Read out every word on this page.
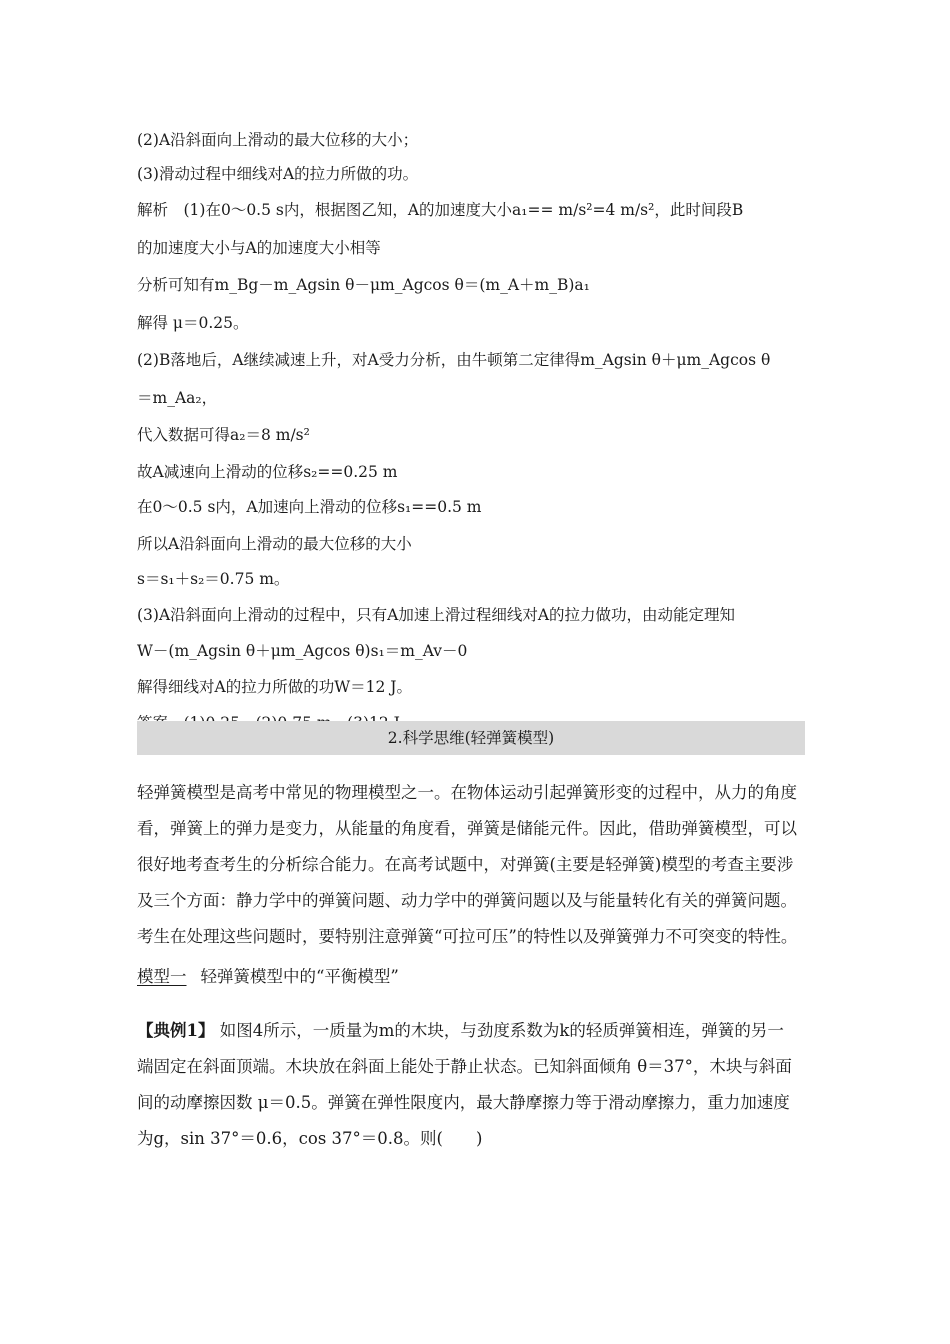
(2)A沿斜面向上滑动的最大位移的大小；
(3)滑动过程中细线对A的拉力所做的功。
解析　(1)在0～0.5 s内，根据图乙知，A的加速度大小a₁== m/s²=4 m/s²，此时间段B
的加速度大小与A的加速度大小相等
分析可知有m_Bg－m_Agsin θ－μm_Agcos θ＝(m_A＋m_B)a₁
解得 μ＝0.25。
(2)B落地后，A继续减速上升，对A受力分析，由牛顿第二定律得m_Agsin θ＋μm_Agcos θ
＝m_Aa₂，
代入数据可得a₂＝8 m/s²
故A减速向上滑动的位移s₂==0.25 m
在0～0.5 s内，A加速向上滑动的位移s₁==0.5 m
所以A沿斜面向上滑动的最大位移的大小
s＝s₁＋s₂＝0.75 m。
(3)A沿斜面向上滑动的过程中，只有A加速上滑过程细线对A的拉力做功，由动能定理知
W－(m_Agsin θ＋μm_Agcos θ)s₁＝m_Av－0
解得细线对A的拉力所做的功W＝12 J。
2.科学思维(轻弹簧模型)
轻弹簧模型是高考中常见的物理模型之一。在物体运动引起弹簧形变的过程中，从力的角度
看，弹簧上的弹力是变力，从能量的角度看，弹簧是储能元件。因此，借助弹簧模型，可以
很好地考查考生的分析综合能力。在高考试题中，对弹簧(主要是轻弹簧)模型的考查主要涉
及三个方面：静力学中的弹簧问题、动力学中的弹簧问题以及与能量转化有关的弹簧问题。
考生在处理这些问题时，要特别注意弹簧“可拉可压”的特性以及弹簧弹力不可突变的特性。
模型一 轻弹簧模型中的“平衡模型”
【典例1】 如图4所示，一质量为m的木块，与劲度系数为k的轻质弹簧相连，弹簧的另一
端固定在斜面顶端。木块放在斜面上能处于静止状态。已知斜面倾角 θ＝37°，木块与斜面
间的动摩擦因数 μ＝0.5。弹簧在弹性限度内，最大静摩擦力等于滑动摩擦力，重力加速度
为g，sin 37°＝0.6，cos 37°＝0.8。则(　　)
